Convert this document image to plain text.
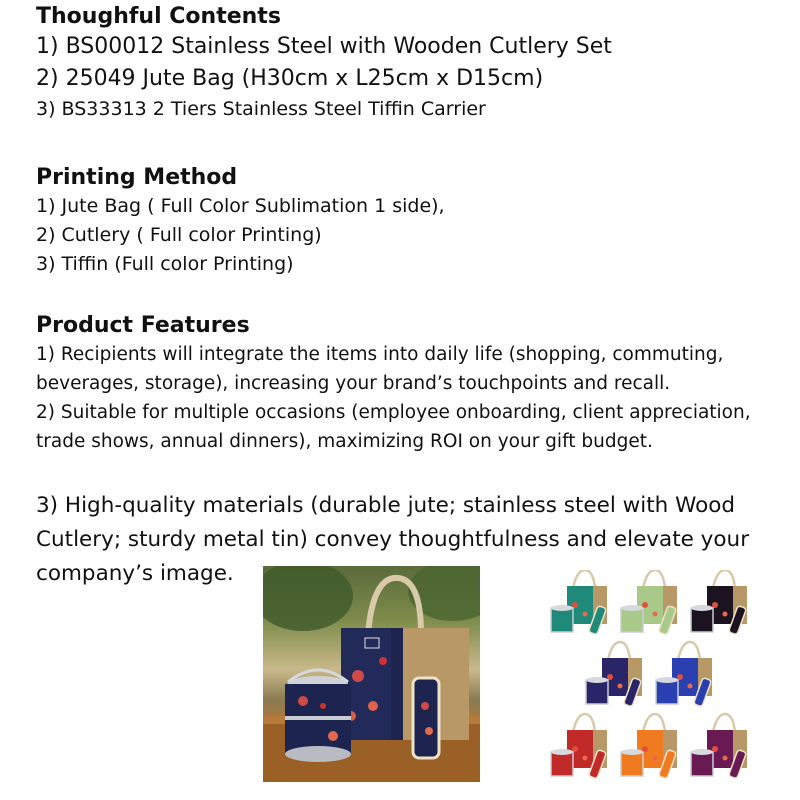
Thoughful Contents
1) BS00012 Stainless Steel with Wooden Cutlery Set
2) 25049 Jute Bag (H30cm x L25cm x D15cm)
3) BS33313 2 Tiers Stainless Steel Tiffin Carrier
Printing Method
1) Jute Bag ( Full Color Sublimation 1 side),
2) Cutlery ( Full color Printing)
3) Tiffin (Full color Printing)
Product Features
1) Recipients will integrate the items into daily life (shopping, commuting, beverages, storage), increasing your brand’s touchpoints and recall.
2) Suitable for multiple occasions (employee onboarding, client appreciation, trade shows, annual dinners), maximizing ROI on your gift budget.
3) High-quality materials (durable jute; stainless steel with Wood Cutlery; sturdy metal tin) convey thoughtfulness and elevate your company’s image.
